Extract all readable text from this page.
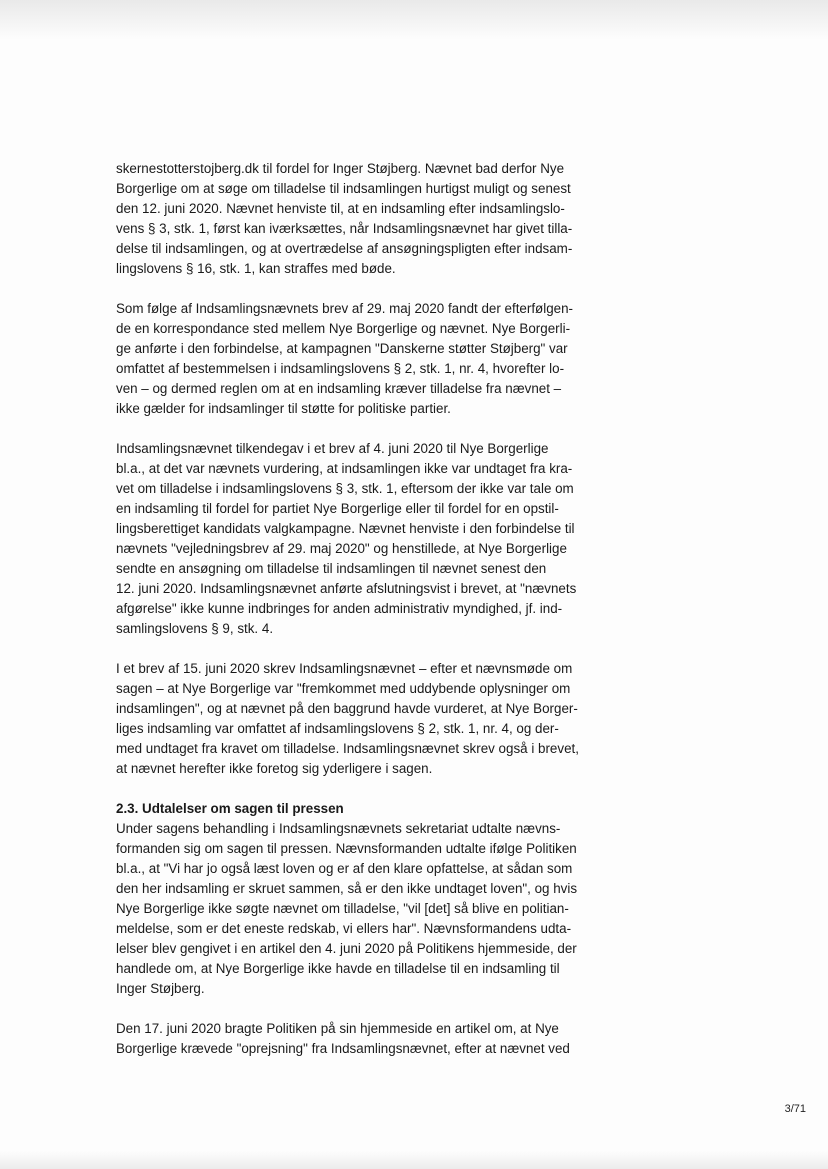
skernestotterstojberg.dk til fordel for Inger Støjberg. Nævnet bad derfor Nye
Borgerlige om at søge om tilladelse til indsamlingen hurtigst muligt og senest
den 12. juni 2020. Nævnet henviste til, at en indsamling efter indsamlingslo-
vens § 3, stk. 1, først kan iværksættes, når Indsamlingsnævnet har givet tilla-
delse til indsamlingen, og at overtrædelse af ansøgningspligten efter indsam-
lingslovens § 16, stk. 1, kan straffes med bøde.
Som følge af Indsamlingsnævnets brev af 29. maj 2020 fandt der efterfølgen-
de en korrespondance sted mellem Nye Borgerlige og nævnet. Nye Borgerli-
ge anførte i den forbindelse, at kampagnen "Danskerne støtter Støjberg" var
omfattet af bestemmelsen i indsamlingslovens § 2, stk. 1, nr. 4, hvorefter lo-
ven – og dermed reglen om at en indsamling kræver tilladelse fra nævnet –
ikke gælder for indsamlinger til støtte for politiske partier.
Indsamlingsnævnet tilkendegav i et brev af 4. juni 2020 til Nye Borgerlige
bl.a., at det var nævnets vurdering, at indsamlingen ikke var undtaget fra kra-
vet om tilladelse i indsamlingslovens § 3, stk. 1, eftersom der ikke var tale om
en indsamling til fordel for partiet Nye Borgerlige eller til fordel for en opstil-
lingsberettiget kandidats valgkampagne. Nævnet henviste i den forbindelse til
nævnets "vejledningsbrev af 29. maj 2020" og henstillede, at Nye Borgerlige
sendte en ansøgning om tilladelse til indsamlingen til nævnet senest den
12. juni 2020. Indsamlingsnævnet anførte afslutningsvist i brevet, at "nævnets
afgørelse" ikke kunne indbringes for anden administrativ myndighed, jf. ind-
samlingslovens § 9, stk. 4.
I et brev af 15. juni 2020 skrev Indsamlingsnævnet – efter et nævnsmøde om
sagen – at Nye Borgerlige var "fremkommet med uddybende oplysninger om
indsamlingen", og at nævnet på den baggrund havde vurderet, at Nye Borger-
liges indsamling var omfattet af indsamlingslovens § 2, stk. 1, nr. 4, og der-
med undtaget fra kravet om tilladelse. Indsamlingsnævnet skrev også i brevet,
at nævnet herefter ikke foretog sig yderligere i sagen.
2.3. Udtalelser om sagen til pressen
Under sagens behandling i Indsamlingsnævnets sekretariat udtalte nævns-
formanden sig om sagen til pressen. Nævnsformanden udtalte ifølge Politiken
bl.a., at "Vi har jo også læst loven og er af den klare opfattelse, at sådan som
den her indsamling er skruet sammen, så er den ikke undtaget loven", og hvis
Nye Borgerlige ikke søgte nævnet om tilladelse, "vil [det] så blive en politian-
meldelse, som er det eneste redskab, vi ellers har". Nævnsformandens udta-
lelser blev gengivet i en artikel den 4. juni 2020 på Politikens hjemmeside, der
handlede om, at Nye Borgerlige ikke havde en tilladelse til en indsamling til
Inger Støjberg.
Den 17. juni 2020 bragte Politiken på sin hjemmeside en artikel om, at Nye
Borgerlige krævede "oprejsning" fra Indsamlingsnævnet, efter at nævnet ved
3/71
